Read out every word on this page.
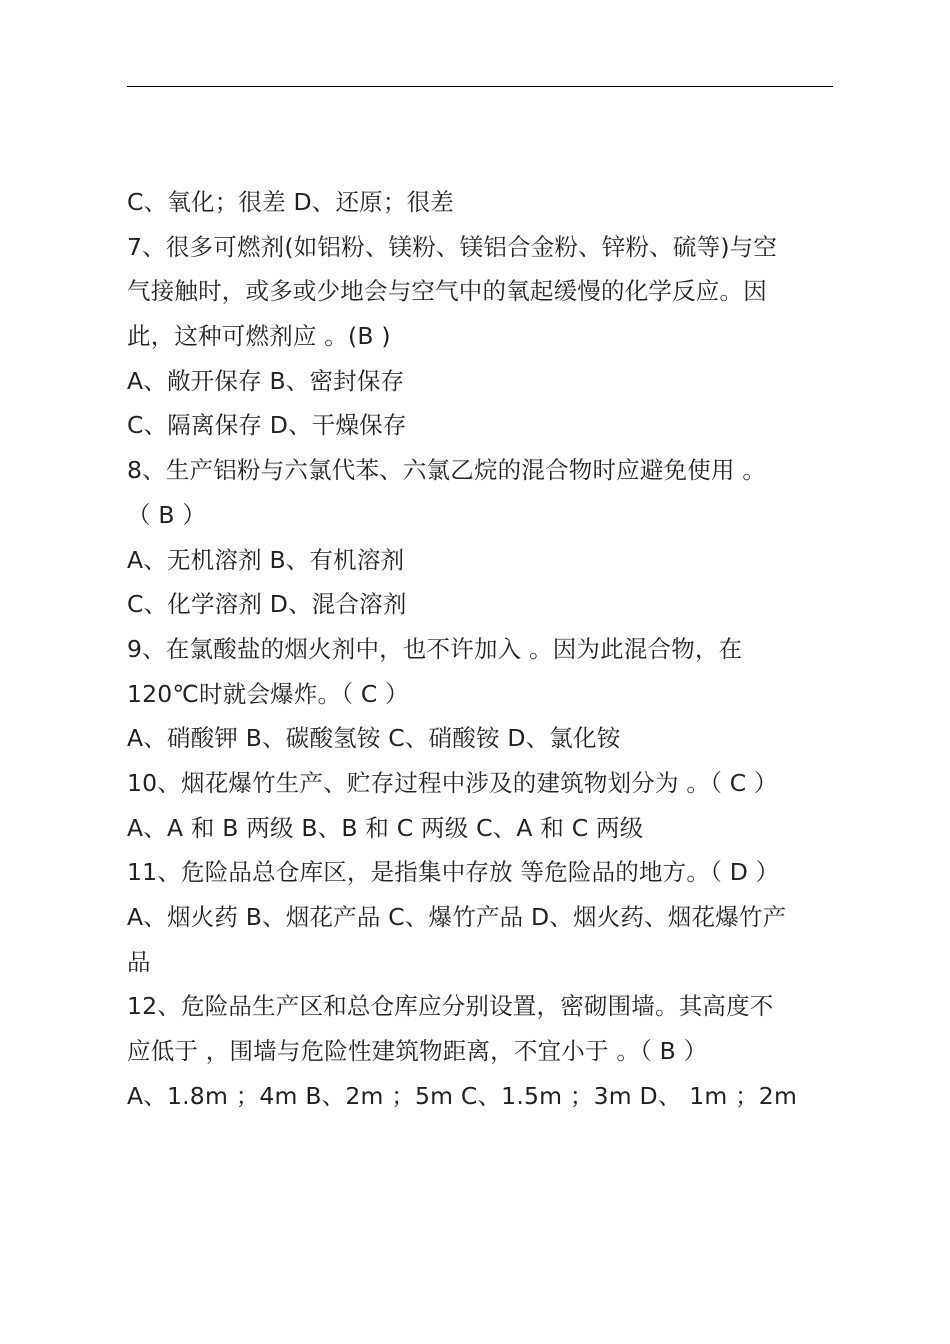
C、氧化；很差 D、还原；很差
7、很多可燃剂(如铝粉、镁粉、镁铝合金粉、锌粉、硫等)与空
气接触时，或多或少地会与空气中的氧起缓慢的化学反应。因
此，这种可燃剂应 。(B )
A、敞开保存 B、密封保存
C、隔离保存 D、干燥保存
8、生产铝粉与六氯代苯、六氯乙烷的混合物时应避免使用 。
（ B ）
A、无机溶剂 B、有机溶剂
C、化学溶剂 D、混合溶剂
9、在氯酸盐的烟火剂中，也不许加入 。因为此混合物，在
120℃时就会爆炸。（ C ）
A、硝酸钾 B、碳酸氢铵 C、硝酸铵 D、氯化铵
10、烟花爆竹生产、贮存过程中涉及的建筑物划分为 。（ C ）
A、A 和 B 两级 B、B 和 C 两级 C、A 和 C 两级
11、危险品总仓库区，是指集中存放 等危险品的地方。（ D ）
A、烟火药 B、烟花产品 C、爆竹产品 D、烟火药、烟花爆竹产
品
12、危险品生产区和总仓库应分别设置，密砌围墙。其高度不
应低于 ，围墙与危险性建筑物距离，不宜小于 。（ B ）
A、1.8m ；4m B、2m ；5m C、1.5m ；3m D、 1m ；2m
